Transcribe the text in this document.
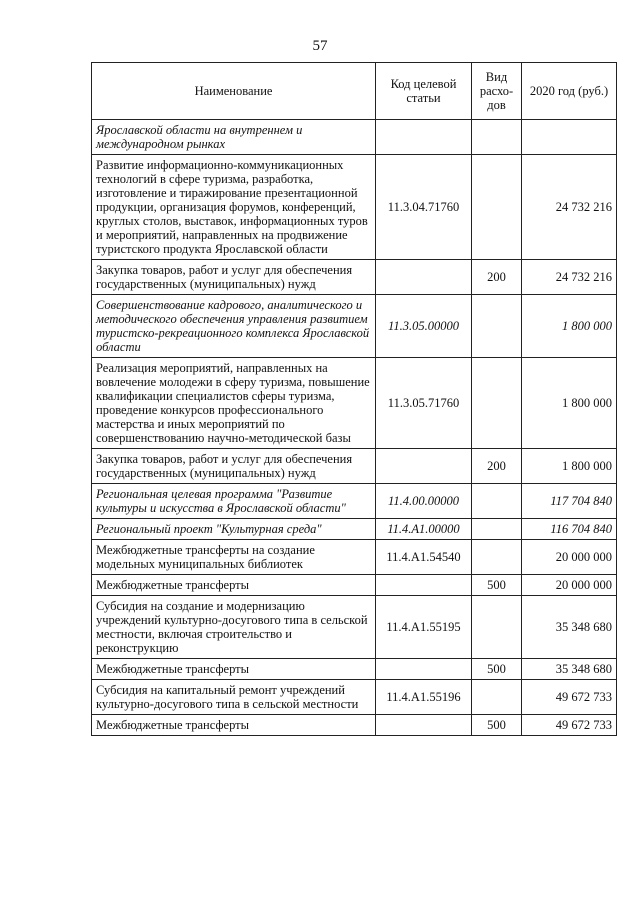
57
Наименование	Код целевой статьи	Вид расхо-дов	2020 год (руб.)
Ярославской области на внутреннем и международном рынках			
Развитие информационно-коммуникационных технологий в сфере туризма, разработка, изготовление и тиражирование презентационной продукции, организация форумов, конференций, круглых столов, выставок, информационных туров и мероприятий, направленных на продвижение туристского продукта Ярославской области	11.3.04.71760		24 732 216
Закупка товаров, работ и услуг для обеспечения государственных (муниципальных) нужд		200	24 732 216
Совершенствование кадрового, аналитического и методического обеспечения управления развитием туристско-рекреационного комплекса Ярославской области	11.3.05.00000		1 800 000
Реализация мероприятий, направленных на вовлечение молодежи в сферу туризма, повышение квалификации специалистов сферы туризма, проведение конкурсов профессионального мастерства и иных мероприятий по совершенствованию научно-методической базы	11.3.05.71760		1 800 000
Закупка товаров, работ и услуг для обеспечения государственных (муниципальных) нужд		200	1 800 000
Региональная целевая программа "Развитие культуры и искусства в Ярославской области"	11.4.00.00000		117 704 840
Региональный проект "Культурная среда"	11.4.A1.00000		116 704 840
Межбюджетные трансферты на создание модельных муниципальных библиотек	11.4.A1.54540		20 000 000
Межбюджетные трансферты		500	20 000 000
Субсидия на создание и модернизацию учреждений культурно-досугового типа в сельской местности, включая строительство и реконструкцию	11.4.A1.55195		35 348 680
Межбюджетные трансферты		500	35 348 680
Субсидия на капитальный ремонт учреждений культурно-досугового типа в сельской местности	11.4.A1.55196		49 672 733
Межбюджетные трансферты		500	49 672 733
